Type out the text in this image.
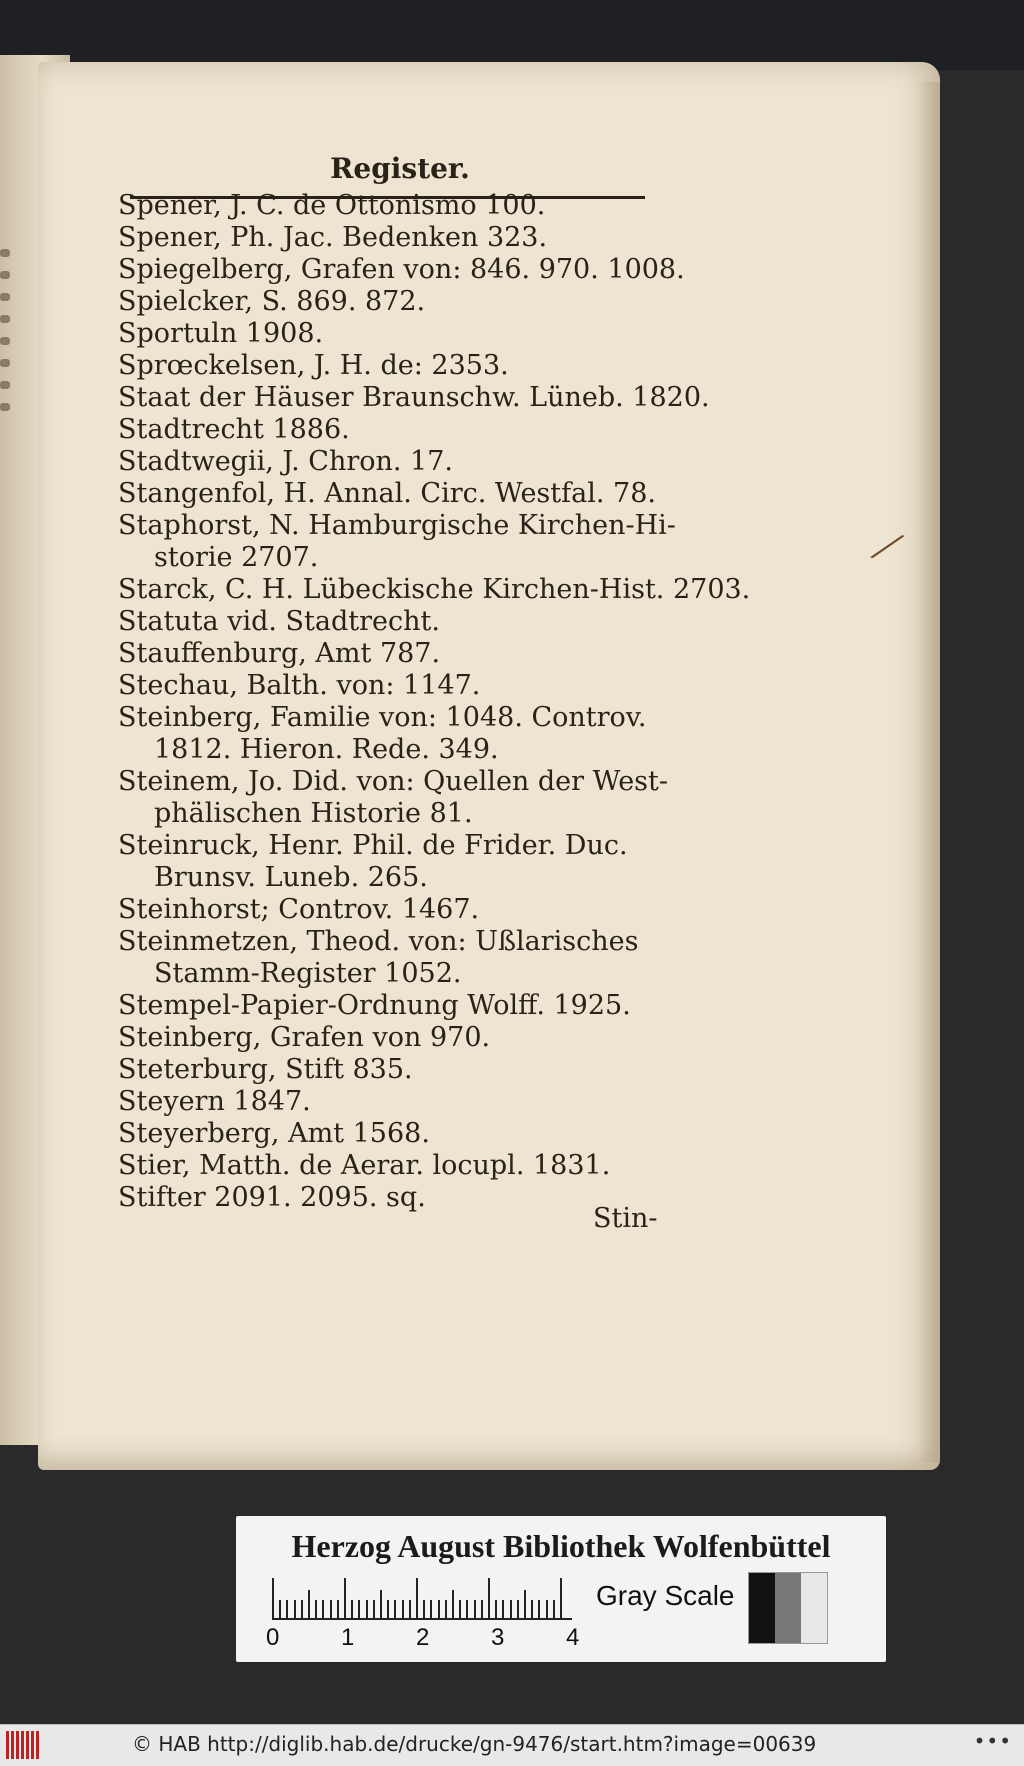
Register.

Spener, J. C. de Ottonismo 100.

Spener, Ph. Jac. Bedenken 323.

Spiegelberg, Grafen von: 846. 970. 1008.

Spielcker, S. 869. 872.

Sportuln 1908.

Sprœckelsen, J. H. de: 2353.

Staat der Häuser Braunschw. Lüneb. 1820.

Stadtrecht 1886.

Stadtwegii, J. Chron. 17.

Stangenfol, H. Annal. Circ. Westfal. 78.

Staphorst, N. Hamburgische Kirchen-Hi-

storie 2707.

Starck, C. H. Lübeckische Kirchen-Hist. 2703.

Statuta vid. Stadtrecht.

Stauffenburg, Amt 787.

Stechau, Balth. von: 1147.

Steinberg, Familie von: 1048. Controv.

1812. Hieron. Rede. 349.

Steinem, Jo. Did. von: Quellen der West-

phälischen Historie 81.

Steinruck, Henr. Phil. de Frider. Duc.

Brunsv. Luneb. 265.

Steinhorst; Controv. 1467.

Steinmetzen, Theod. von: Ußlarisches

Stamm-Register 1052.

Stempel-Papier-Ordnung Wolff. 1925.

Steinberg, Grafen von 970.

Steterburg, Stift 835.

Steyern 1847.

Steyerberg, Amt 1568.

Stier, Matth. de Aerar. locupl. 1831.

Stifter 2091. 2095. sq.

Stin-
⟋
Herzog August Bibliothek Wolfenbüttel
0	1	2	3	4
Gray Scale
© HAB http://diglib.hab.de/drucke/gn-9476/start.htm?image=00639	•••
